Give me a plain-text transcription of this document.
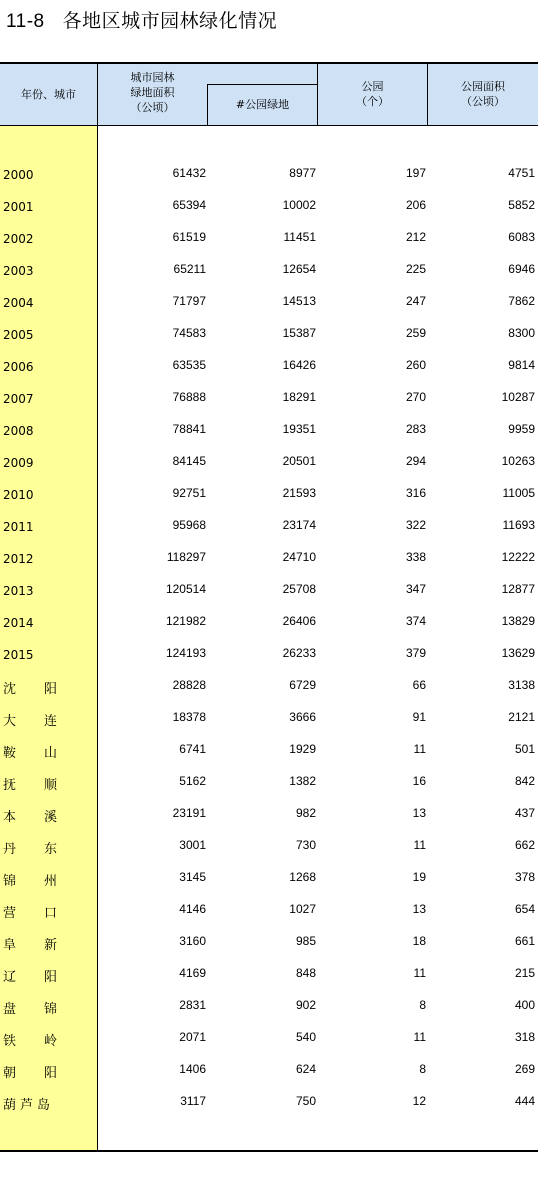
11-8 各地区城市园林绿化情况
年份、城市
城市园林
绿地面积
（公顷）	#公园绿地
公园
（个）
公园面积
（公顷）
2000	61432	8977	197	4751
2001	65394	10002	206	5852
2002	61519	11451	212	6083
2003	65211	12654	225	6946
2004	71797	14513	247	7862
2005	74583	15387	259	8300
2006	63535	16426	260	9814
2007	76888	18291	270	10287
2008	78841	19351	283	9959
2009	84145	20501	294	10263
2010	92751	21593	316	11005
2011	95968	23174	322	11693
2012	118297	24710	338	12222
2013	120514	25708	347	12877
2014	121982	26406	374	13829
2015	124193	26233	379	13629
沈 阳	28828	6729	66	3138
大 连	18378	3666	91	2121
鞍 山	6741	1929	11	501
抚 顺	5162	1382	16	842
本 溪	23191	982	13	437
丹 东	3001	730	11	662
锦 州	3145	1268	19	378
营 口	4146	1027	13	654
阜 新	3160	985	18	661
辽 阳	4169	848	11	215
盘 锦	2831	902	8	400
铁 岭	2071	540	11	318
朝 阳	1406	624	8	269
葫芦岛	3117	750	12	444
